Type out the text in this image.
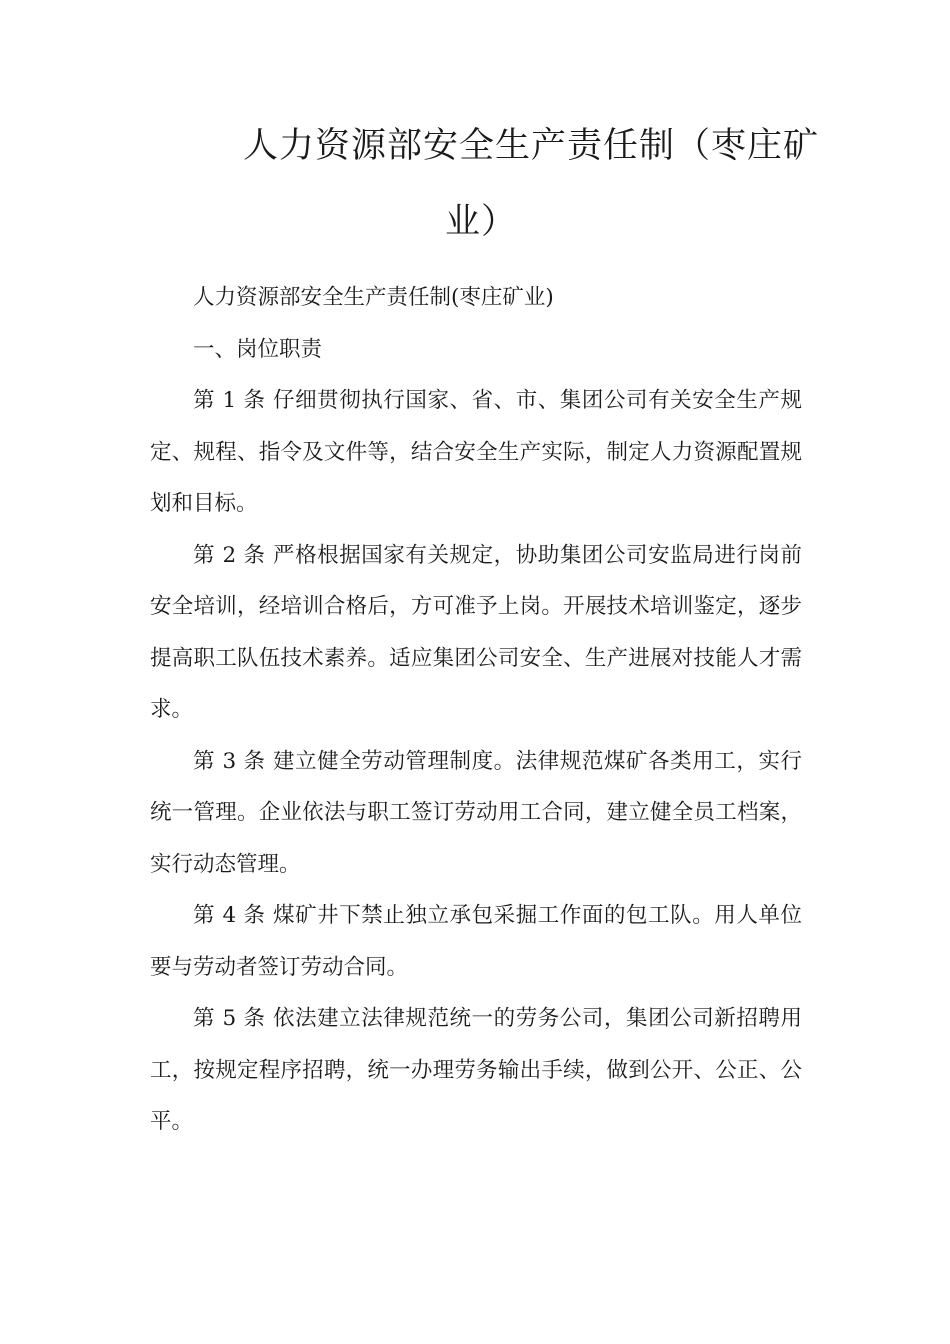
人力资源部安全生产责任制（枣庄矿
业）

人力资源部安全生产责任制(枣庄矿业)

一、岗位职责

第 1 条 仔细贯彻执行国家、省、市、集团公司有关安全生产规定、规程、指令及文件等，结合安全生产实际，制定人力资源配置规划和目标。

第 2 条 严格根据国家有关规定，协助集团公司安监局进行岗前安全培训，经培训合格后，方可准予上岗。开展技术培训鉴定，逐步提高职工队伍技术素养。适应集团公司安全、生产进展对技能人才需求。

第 3 条 建立健全劳动管理制度。法律规范煤矿各类用工，实行统一管理。企业依法与职工签订劳动用工合同，建立健全员工档案，实行动态管理。

第 4 条 煤矿井下禁止独立承包采掘工作面的包工队。用人单位要与劳动者签订劳动合同。

第 5 条 依法建立法律规范统一的劳务公司，集团公司新招聘用工，按规定程序招聘，统一办理劳务输出手续，做到公开、公正、公平。
